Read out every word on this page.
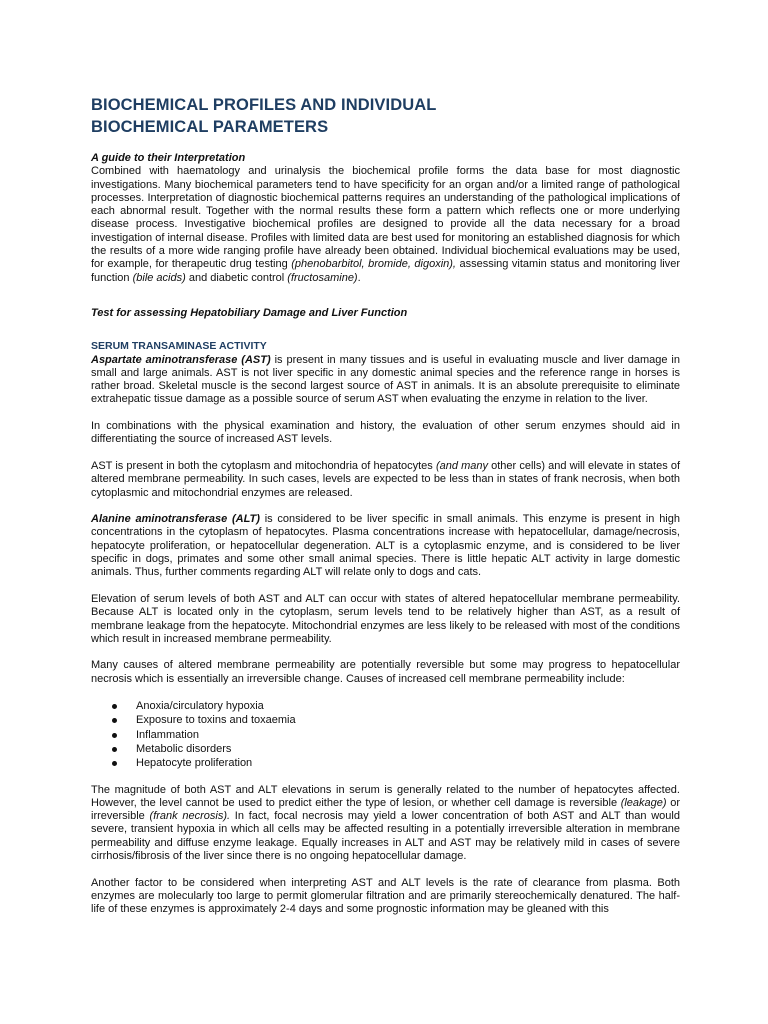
BIOCHEMICAL PROFILES AND INDIVIDUAL
BIOCHEMICAL PARAMETERS
A guide to their Interpretation

Combined with haematology and urinalysis the biochemical profile forms the data base for most diagnostic investigations. Many biochemical parameters tend to have specificity for an organ and/or a limited range of pathological processes. Interpretation of diagnostic biochemical patterns requires an understanding of the pathological implications of each abnormal result. Together with the normal results these form a pattern which reflects one or more underlying disease process. Investigative biochemical profiles are designed to provide all the data necessary for a broad investigation of internal disease. Profiles with limited data are best used for monitoring an established diagnosis for which the results of a more wide ranging profile have already been obtained. Individual biochemical evaluations may be used, for example, for therapeutic drug testing (phenobarbitol, bromide, digoxin), assessing vitamin status and monitoring liver function (bile acids) and diabetic control (fructosamine).

Test for assessing Hepatobiliary Damage and Liver Function
SERUM TRANSAMINASE ACTIVITY

Aspartate aminotransferase (AST) is present in many tissues and is useful in evaluating muscle and liver damage in small and large animals. AST is not liver specific in any domestic animal species and the reference range in horses is rather broad. Skeletal muscle is the second largest source of AST in animals. It is an absolute prerequisite to eliminate extrahepatic tissue damage as a possible source of serum AST when evaluating the enzyme in relation to the liver.

In combinations with the physical examination and history, the evaluation of other serum enzymes should aid in differentiating the source of increased AST levels.

AST is present in both the cytoplasm and mitochondria of hepatocytes (and many other cells) and will elevate in states of altered membrane permeability. In such cases, levels are expected to be less than in states of frank necrosis, when both cytoplasmic and mitochondrial enzymes are released.

Alanine aminotransferase (ALT) is considered to be liver specific in small animals. This enzyme is present in high concentrations in the cytoplasm of hepatocytes. Plasma concentrations increase with hepatocellular, damage/necrosis, hepatocyte proliferation, or hepatocellular degeneration. ALT is a cytoplasmic enzyme, and is considered to be liver specific in dogs, primates and some other small animal species. There is little hepatic ALT activity in large domestic animals. Thus, further comments regarding ALT will relate only to dogs and cats.

Elevation of serum levels of both AST and ALT can occur with states of altered hepatocellular membrane permeability. Because ALT is located only in the cytoplasm, serum levels tend to be relatively higher than AST, as a result of membrane leakage from the hepatocyte. Mitochondrial enzymes are less likely to be released with most of the conditions which result in increased membrane permeability.

Many causes of altered membrane permeability are potentially reversible but some may progress to hepatocellular necrosis which is essentially an irreversible change. Causes of increased cell membrane permeability include:

Anoxia/circulatory hypoxia
Exposure to toxins and toxaemia
Inflammation
Metabolic disorders
Hepatocyte proliferation

The magnitude of both AST and ALT elevations in serum is generally related to the number of hepatocytes affected. However, the level cannot be used to predict either the type of lesion, or whether cell damage is reversible (leakage) or irreversible (frank necrosis). In fact, focal necrosis may yield a lower concentration of both AST and ALT than would severe, transient hypoxia in which all cells may be affected resulting in a potentially irreversible alteration in membrane permeability and diffuse enzyme leakage. Equally increases in ALT and AST may be relatively mild in cases of severe cirrhosis/fibrosis of the liver since there is no ongoing hepatocellular damage.

Another factor to be considered when interpreting AST and ALT levels is the rate of clearance from plasma. Both enzymes are molecularly too large to permit glomerular filtration and are primarily stereochemically denatured. The half-life of these enzymes is approximately 2-4 days and some prognostic information may be gleaned with this
